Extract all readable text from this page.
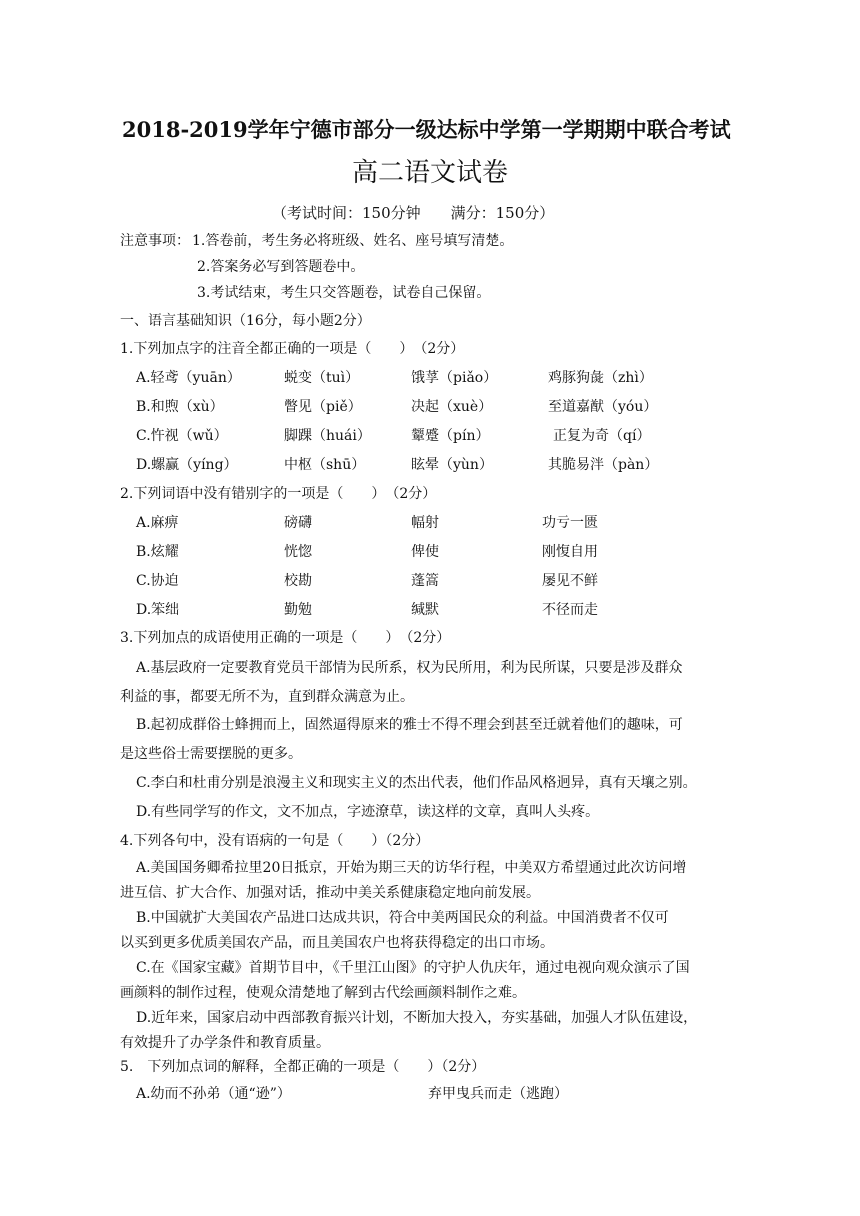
2018-2019学年宁德市部分一级达标中学第一学期期中联合考试
高二语文试卷
（考试时间：150分钟　　满分：150分）
注意事项： 1.答卷前，考生务必将班级、姓名、座号填写清楚。
2.答案务必写到答题卷中。
3.考试结束，考生只交答题卷，试卷自己保留。
一、语言基础知识（16分，每小题2分）
1.下列加点字的注音全都正确的一项是（　　）　（2分）
A.轻鸢（yuān）	蜕变（tuì）	饿莩（piǎo）	鸡豚狗彘（zhì）
B.和煦（xù）	瞥见（piě）	决起（xuè）	至道嘉猷（yóu）
C.忤视（wǔ）	脚踝（huái）	颦蹙（pín）	正复为奇（qí）
D.螺赢（yíng）	中枢（shū）	眩晕（yùn）	其脆易泮（pàn）
2.下列词语中没有错别字的一项是（　　）　（2分）
A.麻痹	磅礴	幅射	功亏一匮
B.炫耀	恍惚	俾使	刚愎自用
C.协迫	校勘	蓬篙	屡见不鲜
D.笨绌	勤勉	缄默	不径而走
3.下列加点的成语使用正确的一项是（　　）　（2分）
A.基层政府一定要教育党员干部情为民所系，权为民所用，利为民所谋，只要是涉及群众
利益的事，都要无所不为，直到群众满意为止。
B.起初成群俗士蜂拥而上，固然逼得原来的雅士不得不理会到甚至迁就着他们的趣味，可
是这些俗士需要摆脱的更多。
C.李白和杜甫分别是浪漫主义和现实主义的杰出代表，他们作品风格迥异，真有天壤之别。
D.有些同学写的作文，文不加点，字迹潦草，读这样的文章，真叫人头疼。
4.下列各句中，没有语病的一句是（　　）（2分）
A.美国国务卿希拉里20日抵京，开始为期三天的访华行程，中美双方希望通过此次访问增
进互信、扩大合作、加强对话，推动中美关系健康稳定地向前发展。
B.中国就扩大美国农产品进口达成共识，符合中美两国民众的利益。中国消费者不仅可
以买到更多优质美国农产品，而且美国农户也将获得稳定的出口市场。
C.在《国家宝藏》首期节目中，《千里江山图》的守护人仇庆年，通过电视向观众演示了国
画颜料的制作过程，使观众清楚地了解到古代绘画颜料制作之难。
D.近年来，国家启动中西部教育振兴计划，不断加大投入，夯实基础，加强人才队伍建设，
有效提升了办学条件和教育质量。
5.　下列加点词的解释，全都正确的一项是（　　）（2分）
A.幼而不孙弟（通“逊”）	弃甲曳兵而走（逃跑）
